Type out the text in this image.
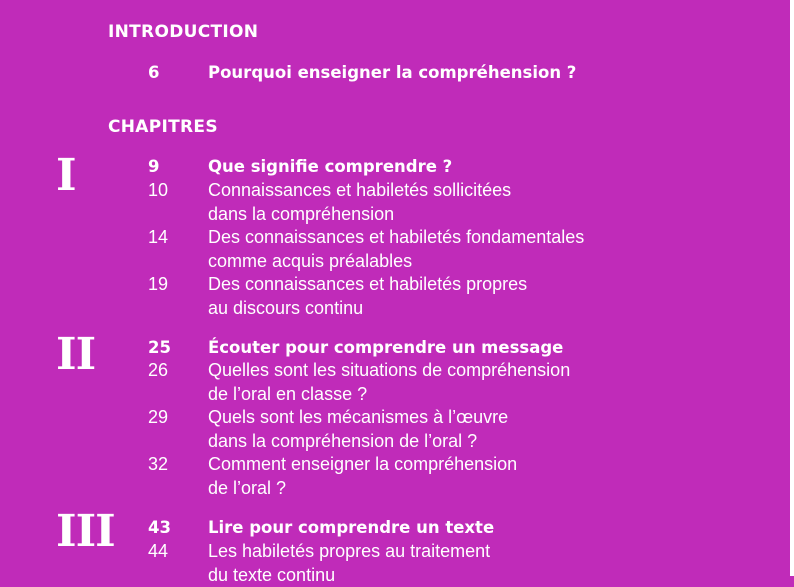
INTRODUCTION
6	Pourquoi enseigner la compréhension ?
CHAPITRES
I	9	Que signifie comprendre ?
10	Connaissances et habiletés sollicitées
dans la compréhension
14	Des connaissances et habiletés fondamentales
comme acquis préalables
19	Des connaissances et habiletés propres
au discours continu
II	25	Écouter pour comprendre un message
26	Quelles sont les situations de compréhension
de l’oral en classe ?
29	Quels sont les mécanismes à l’œuvre
dans la compréhension de l’oral ?
32	Comment enseigner la compréhension
de l’oral ?
III 43	Lire pour comprendre un texte
44	Les habiletés propres au traitement
du texte continu
